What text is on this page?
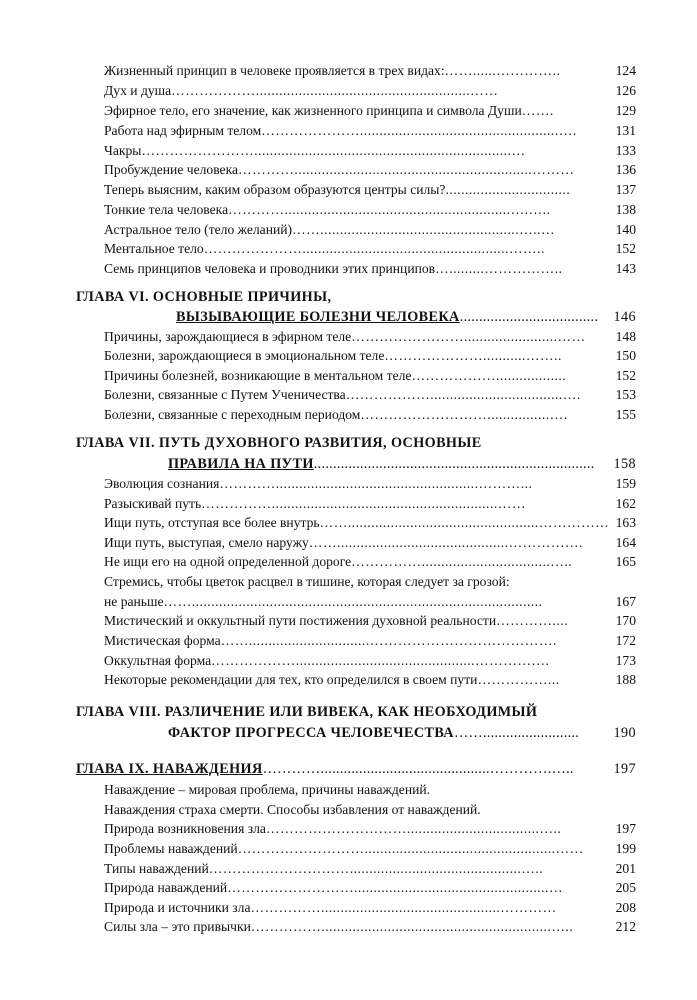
Жизненный принцип в человеке проявляется в трех видах:……......…………..	124
Дух и душа……………….......................................................……	126
Эфирное тело, его значение, как жизненного принципа и символа Души…….	129
Работа над эфирным телом…………………...................................................….	131
Чакры……………………..................................................................…	133
Пробуждение человека………….............................................................………	136
Теперь выясним, каким образом образуются центры силы?................................	137
Тонкие тела человека…………..........................................................….…..	138
Астральное тело (тело желаний)……...................................................…..…	140
Ментальное тело………………….....................................................……..	152
Семь принципов человека и проводники этих принципов….........……………..	143
ГЛАВА VI. ОСНОВНЫЕ ПРИЧИНЫ,
ВЫЗЫВАЮЩИЕ БОЛЕЗНИ ЧЕЛОВЕКА.................................... 146
Причины, зарождающиеся в эфирном теле……………………........................……	148
Болезни, зарождающиеся в эмоциональном теле…………………...........……..	150
Причины болезней, возникающие в ментальном теле………………..................	152
Болезни, связанные с Путем Ученичества………………..................................….	153
Болезни, связанные с переходным периодом………………………................….	155
ГЛАВА VII. ПУТЬ ДУХОВНОГО РАЗВИТИЯ, ОСНОВНЫЕ
ПРАВИЛА НА ПУТИ......................................................................... 158
Эволюция сознания…………....................................................………...	159
Разыскивай путь……………..........................................................……	162
Ищи путь, отступая все более внутрь…….................................................…………… 163
Ищи путь, выступая, смело наружу……............................................…………….	164
Не ищи его на одной определенной дороге…………….................................…..	165
Стремись, чтобы цветок расцвел в тишине, которая следует за грозой:
не раньше……..........................................................................................	167
Мистический и оккультный пути постижения духовной реальности…………....	170
Мистическая форма……...............................………………………………….	172
Оккультная форма………………..............................................…………….	173
Некоторые рекомендации для тех, кто определился в своем пути……………...	188
ГЛАВА VIII. РАЗЛИЧЕНИЕ ИЛИ ВИВЕКА, КАК НЕОБХОДИМЫЙ
ФАКТОР ПРОГРЕССА ЧЕЛОВЕЧЕСТВА……......................... 190
ГЛАВА IX. НАВАЖДЕНИЯ…………............................................………….…..	197
Наваждение – мировая проблема, причины наваждений.
Наваждения страха смерти. Способы избавления от наваждений.
Природа возникновения зла…………………………..................................…..	197
Проблемы наваждений……………………….................................................……	199
Типы наваждений…………………………............................................…..	201
Природа наваждений………………………..................................................…	205
Природа и источники зла……………..............................................…………	208
Силы зла – это привычки……………...........................................................…..	212
